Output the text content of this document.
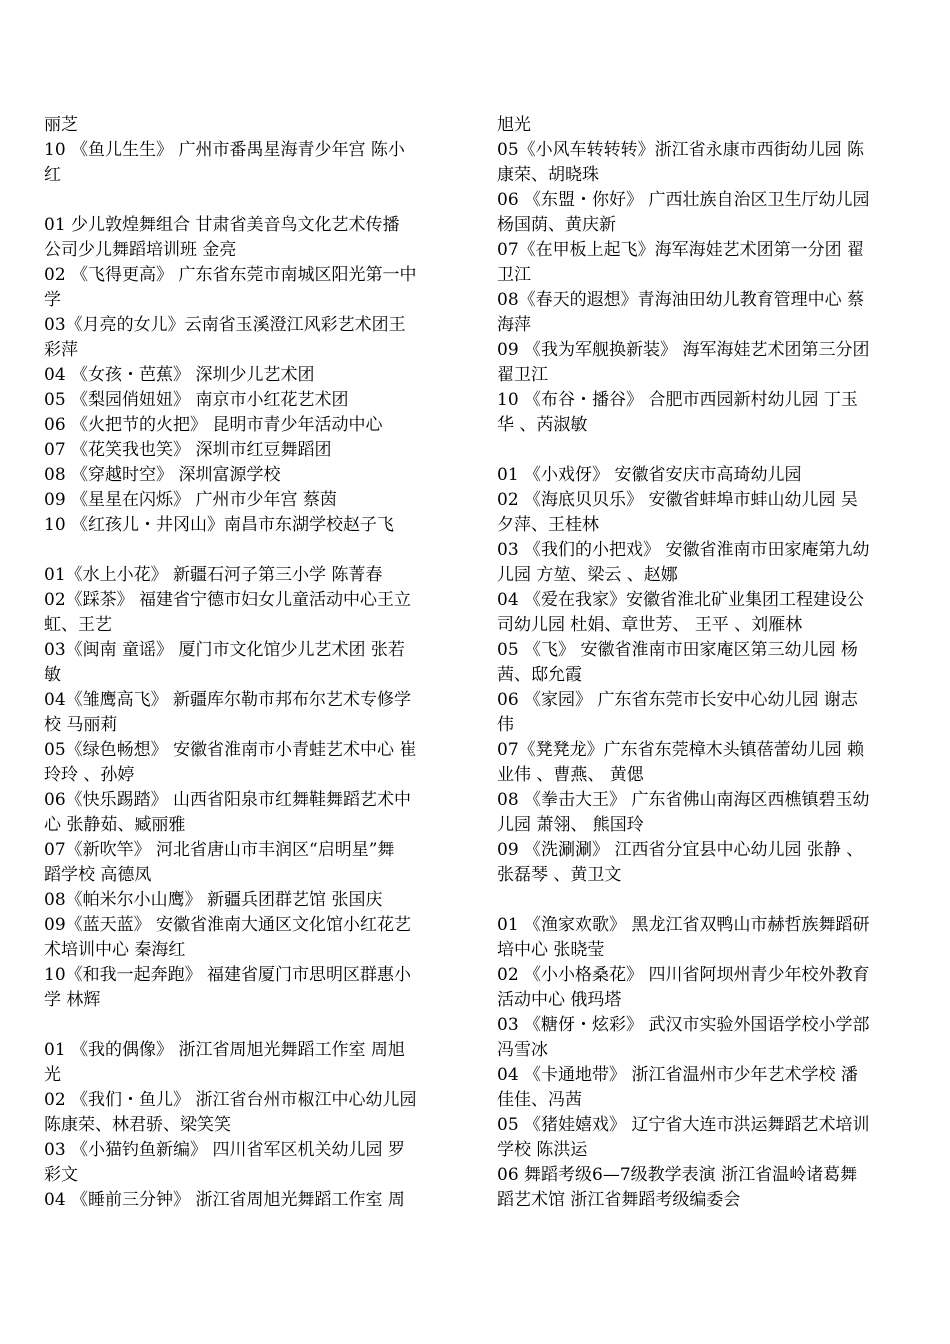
丽芝
10 《鱼儿生生》 广州市番禺星海青少年宫 陈小
红
01 少儿敦煌舞组合 甘肃省美音鸟文化艺术传播
公司少儿舞蹈培训班 金亮
02 《飞得更高》 广东省东莞市南城区阳光第一中
学
03《月亮的女儿》云南省玉溪澄江风彩艺术团王
彩萍
04 《女孩・芭蕉》 深圳少儿艺术团
05 《梨园俏妞妞》 南京市小红花艺术团
06 《火把节的火把》 昆明市青少年活动中心
07 《花笑我也笑》 深圳市红豆舞蹈团
08 《穿越时空》 深圳富源学校
09 《星星在闪烁》 广州市少年宫 蔡茵
10 《红孩儿・井冈山》南昌市东湖学校赵子飞
01《水上小花》 新疆石河子第三小学 陈菁春
02《踩茶》 福建省宁德市妇女儿童活动中心王立
虹、王艺
03《闽南 童谣》 厦门市文化馆少儿艺术团 张若
敏
04《雏鹰高飞》 新疆库尔勒市邦布尔艺术专修学
校 马丽莉
05《绿色畅想》 安徽省淮南市小青蛙艺术中心 崔
玲玲 、孙婷
06《快乐踢踏》 山西省阳泉市红舞鞋舞蹈艺术中
心 张静茹、臧丽雅
07《新吹竿》 河北省唐山市丰润区“启明星”舞
蹈学校 高德凤
08《帕米尔小山鹰》 新疆兵团群艺馆 张国庆
09《蓝天蓝》 安徽省淮南大通区文化馆小红花艺
术培训中心 秦海红
10《和我一起奔跑》 福建省厦门市思明区群惠小
学 林辉
01 《我的偶像》 浙江省周旭光舞蹈工作室 周旭
光
02 《我们・鱼儿》 浙江省台州市椒江中心幼儿园
陈康荣、林君骄、梁笑笑
03 《小猫钓鱼新编》 四川省军区机关幼儿园 罗
彩文
04 《睡前三分钟》 浙江省周旭光舞蹈工作室 周
旭光
05《小风车转转转》浙江省永康市西街幼儿园 陈
康荣、胡晓珠
06 《东盟・你好》 广西壮族自治区卫生厅幼儿园
杨国荫、黄庆新
07《在甲板上起飞》海军海娃艺术团第一分团 翟
卫江
08《春天的遐想》青海油田幼儿教育管理中心 蔡
海萍
09 《我为军舰换新装》 海军海娃艺术团第三分团
翟卫江
10 《布谷・播谷》 合肥市西园新村幼儿园 丁玉
华 、芮淑敏
01 《小戏伢》 安徽省安庆市高琦幼儿园
02 《海底贝贝乐》 安徽省蚌埠市蚌山幼儿园 吴
夕萍、王桂林
03 《我们的小把戏》 安徽省淮南市田家庵第九幼
儿园 方堃、梁云 、赵娜
04 《爱在我家》安徽省淮北矿业集团工程建设公
司幼儿园 杜娟、章世芳、 王平 、刘雁林
05 《飞》 安徽省淮南市田家庵区第三幼儿园 杨
茜、邸允霞
06 《家园》 广东省东莞市长安中心幼儿园 谢志
伟
07《凳凳龙》广东省东莞樟木头镇蓓蕾幼儿园 赖
业伟 、曹燕、 黄偲
08 《拳击大王》 广东省佛山南海区西樵镇碧玉幼
儿园 萧翎、 熊国玲
09 《洗涮涮》 江西省分宜县中心幼儿园 张静 、
张磊琴 、黄卫文
01 《渔家欢歌》 黑龙江省双鸭山市赫哲族舞蹈研
培中心 张晓莹
02 《小小格桑花》 四川省阿坝州青少年校外教育
活动中心 俄玛塔
03 《糖伢・炫彩》 武汉市实验外国语学校小学部
冯雪冰
04 《卡通地带》 浙江省温州市少年艺术学校 潘
佳佳、冯茜
05 《猪娃嬉戏》 辽宁省大连市洪运舞蹈艺术培训
学校 陈洪运
06 舞蹈考级6—7级教学表演 浙江省温岭诸葛舞
蹈艺术馆 浙江省舞蹈考级编委会
